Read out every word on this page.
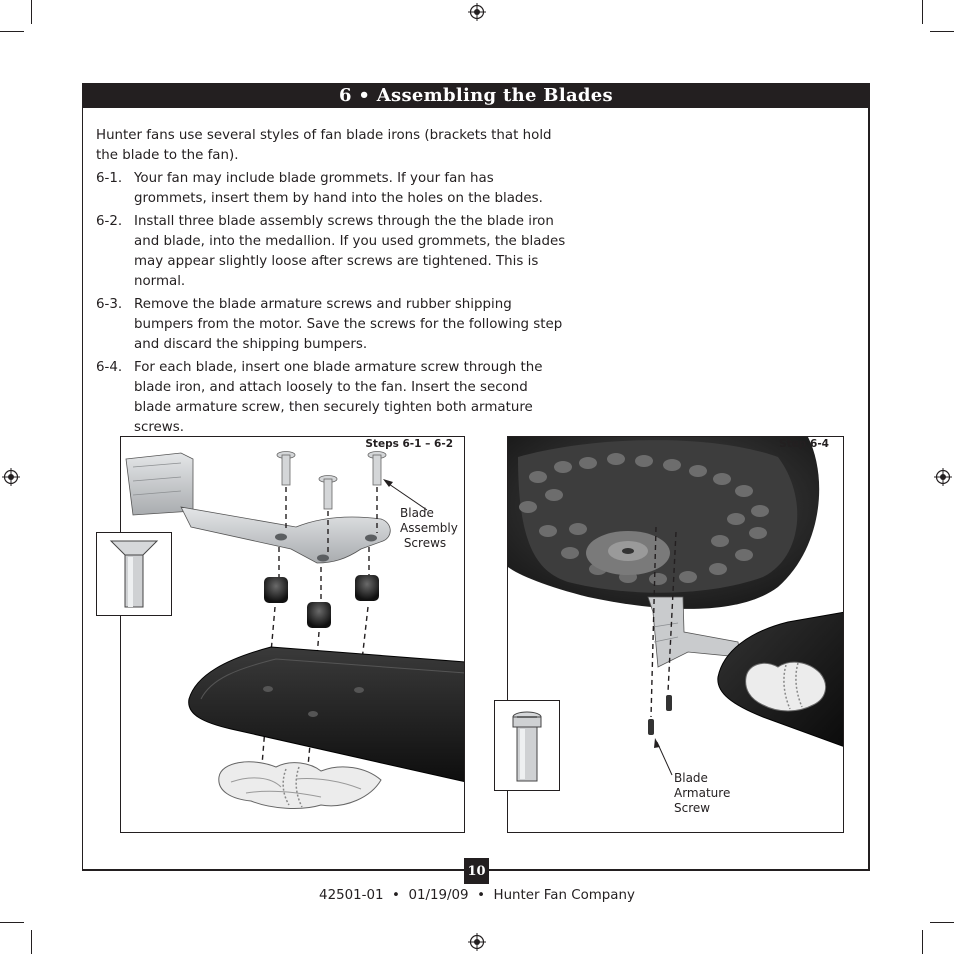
6 • Assembling the Blades

Hunter fans use several styles of fan blade irons (brackets that hold the blade to the fan).

6-1. Your fan may include blade grommets. If your fan has grommets, insert them by hand into the holes on the blades.
6-2. Install three blade assembly screws through the the blade iron and blade, into the medallion. If you used grommets, the blades may appear slightly loose after screws are tightened. This is normal.
6-3. Remove the blade armature screws and rubber shipping bumpers from the motor. Save the screws for the following step and discard the shipping bumpers.
6-4. For each blade, insert one blade armature screw through the blade iron, and attach loosely to the fan. Insert the second blade armature screw, then securely tighten both armature screws.
Steps 6-1 – 6-2
Blade
Assembly
Screws
Step 6-4
Blade
Armature
Screw
10
42501-01  •  01/19/09  •  Hunter Fan Company
